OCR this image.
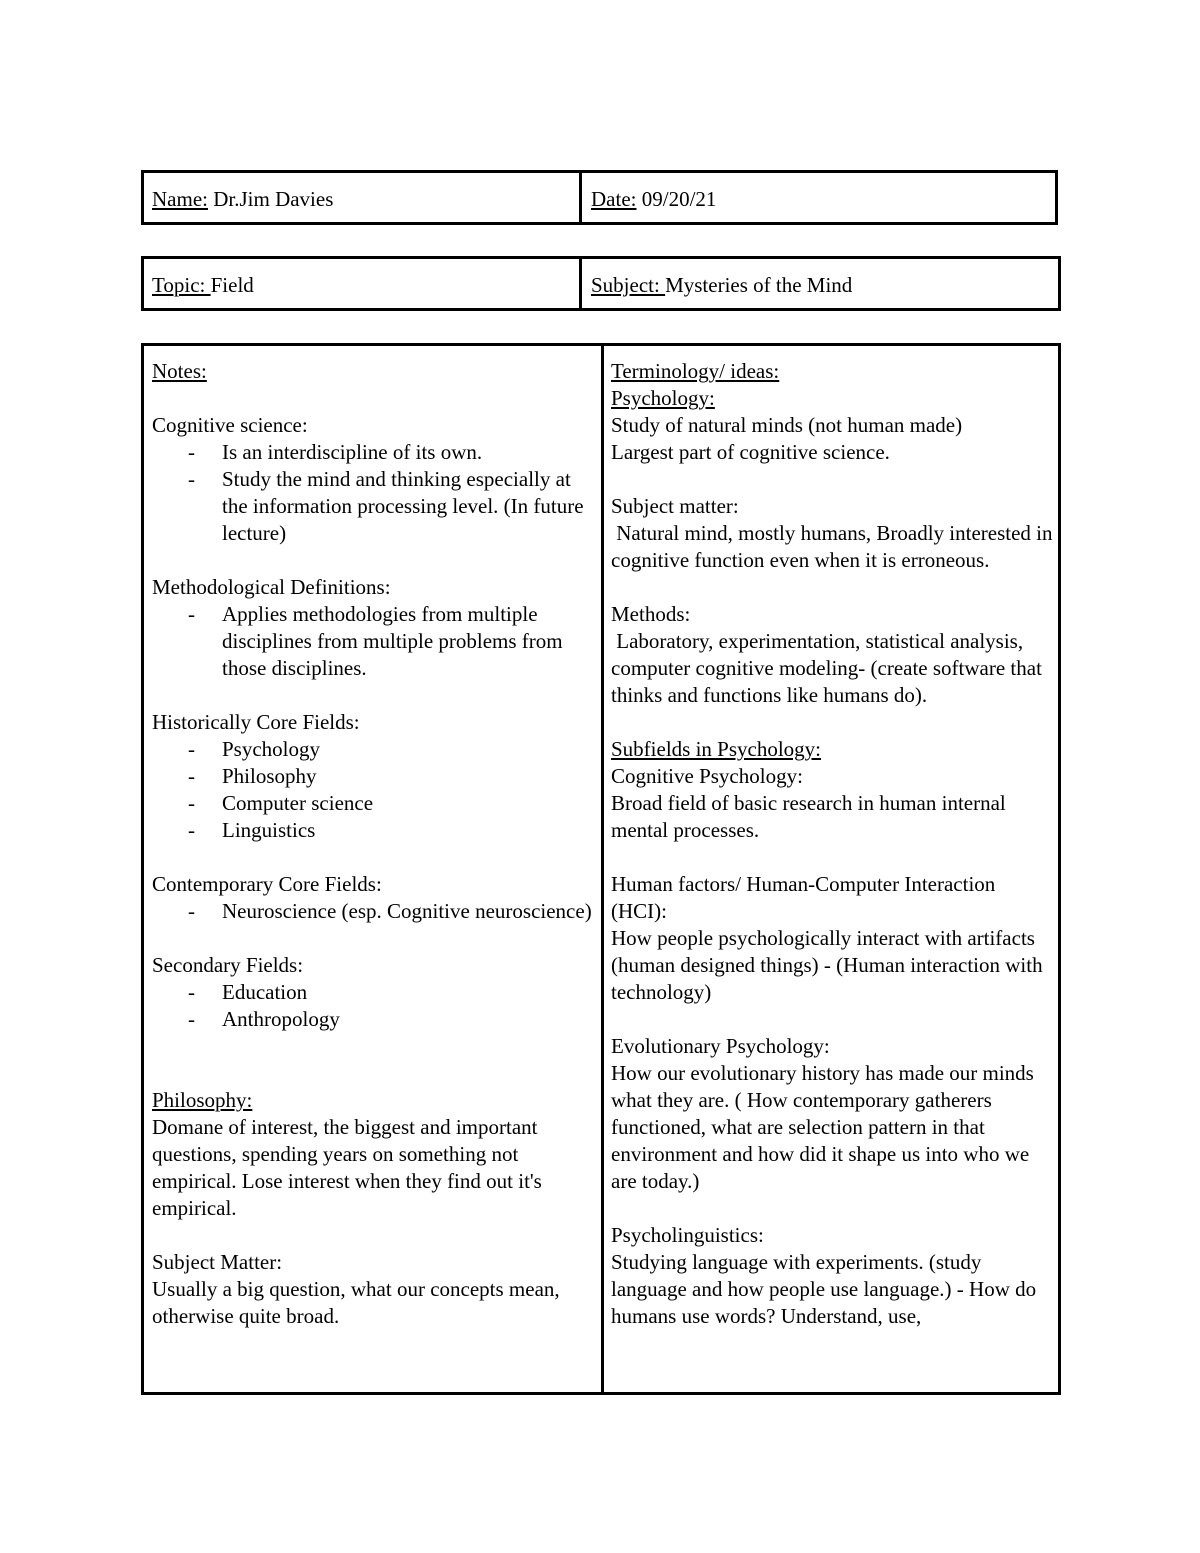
Name: Dr.Jim Davies	Date: 09/20/21
Topic: Field	Subject: Mysteries of the Mind

Notes:

Cognitive science:

- Is an interdiscipline of its own.
- Study the mind and thinking especially at the information processing level. (In future lecture)

Methodological Definitions:

- Applies methodologies from multiple disciplines from multiple problems from those disciplines.

Historically Core Fields:

- Psychology
- Philosophy
- Computer science
- Linguistics

Contemporary Core Fields:

- Neuroscience (esp. Cognitive neuroscience)

Secondary Fields:

- Education
- Anthropology

Philosophy:

Domane of interest, the biggest and important questions, spending years on something not empirical. Lose interest when they find out it's empirical.

Subject Matter:

Usually a big question, what our concepts mean, otherwise quite broad.

Terminology/ ideas:

Psychology:

Study of natural minds (not human made)

Largest part of cognitive science.

Subject matter:

Natural mind, mostly humans, Broadly interested in cognitive function even when it is erroneous.

Methods:

Laboratory, experimentation, statistical analysis, computer cognitive modeling- (create software that thinks and functions like humans do).

Subfields in Psychology:

Cognitive Psychology:

Broad field of basic research in human internal mental processes.

Human factors/ Human-Computer Interaction (HCI):

How people psychologically interact with artifacts (human designed things) - (Human interaction with technology)

Evolutionary Psychology:

How our evolutionary history has made our minds what they are. ( How contemporary gatherers functioned, what are selection pattern in that environment and how did it shape us into who we are today.)

Psycholinguistics:

Studying language with experiments. (study language and how people use language.) - How do humans use words? Understand, use,
